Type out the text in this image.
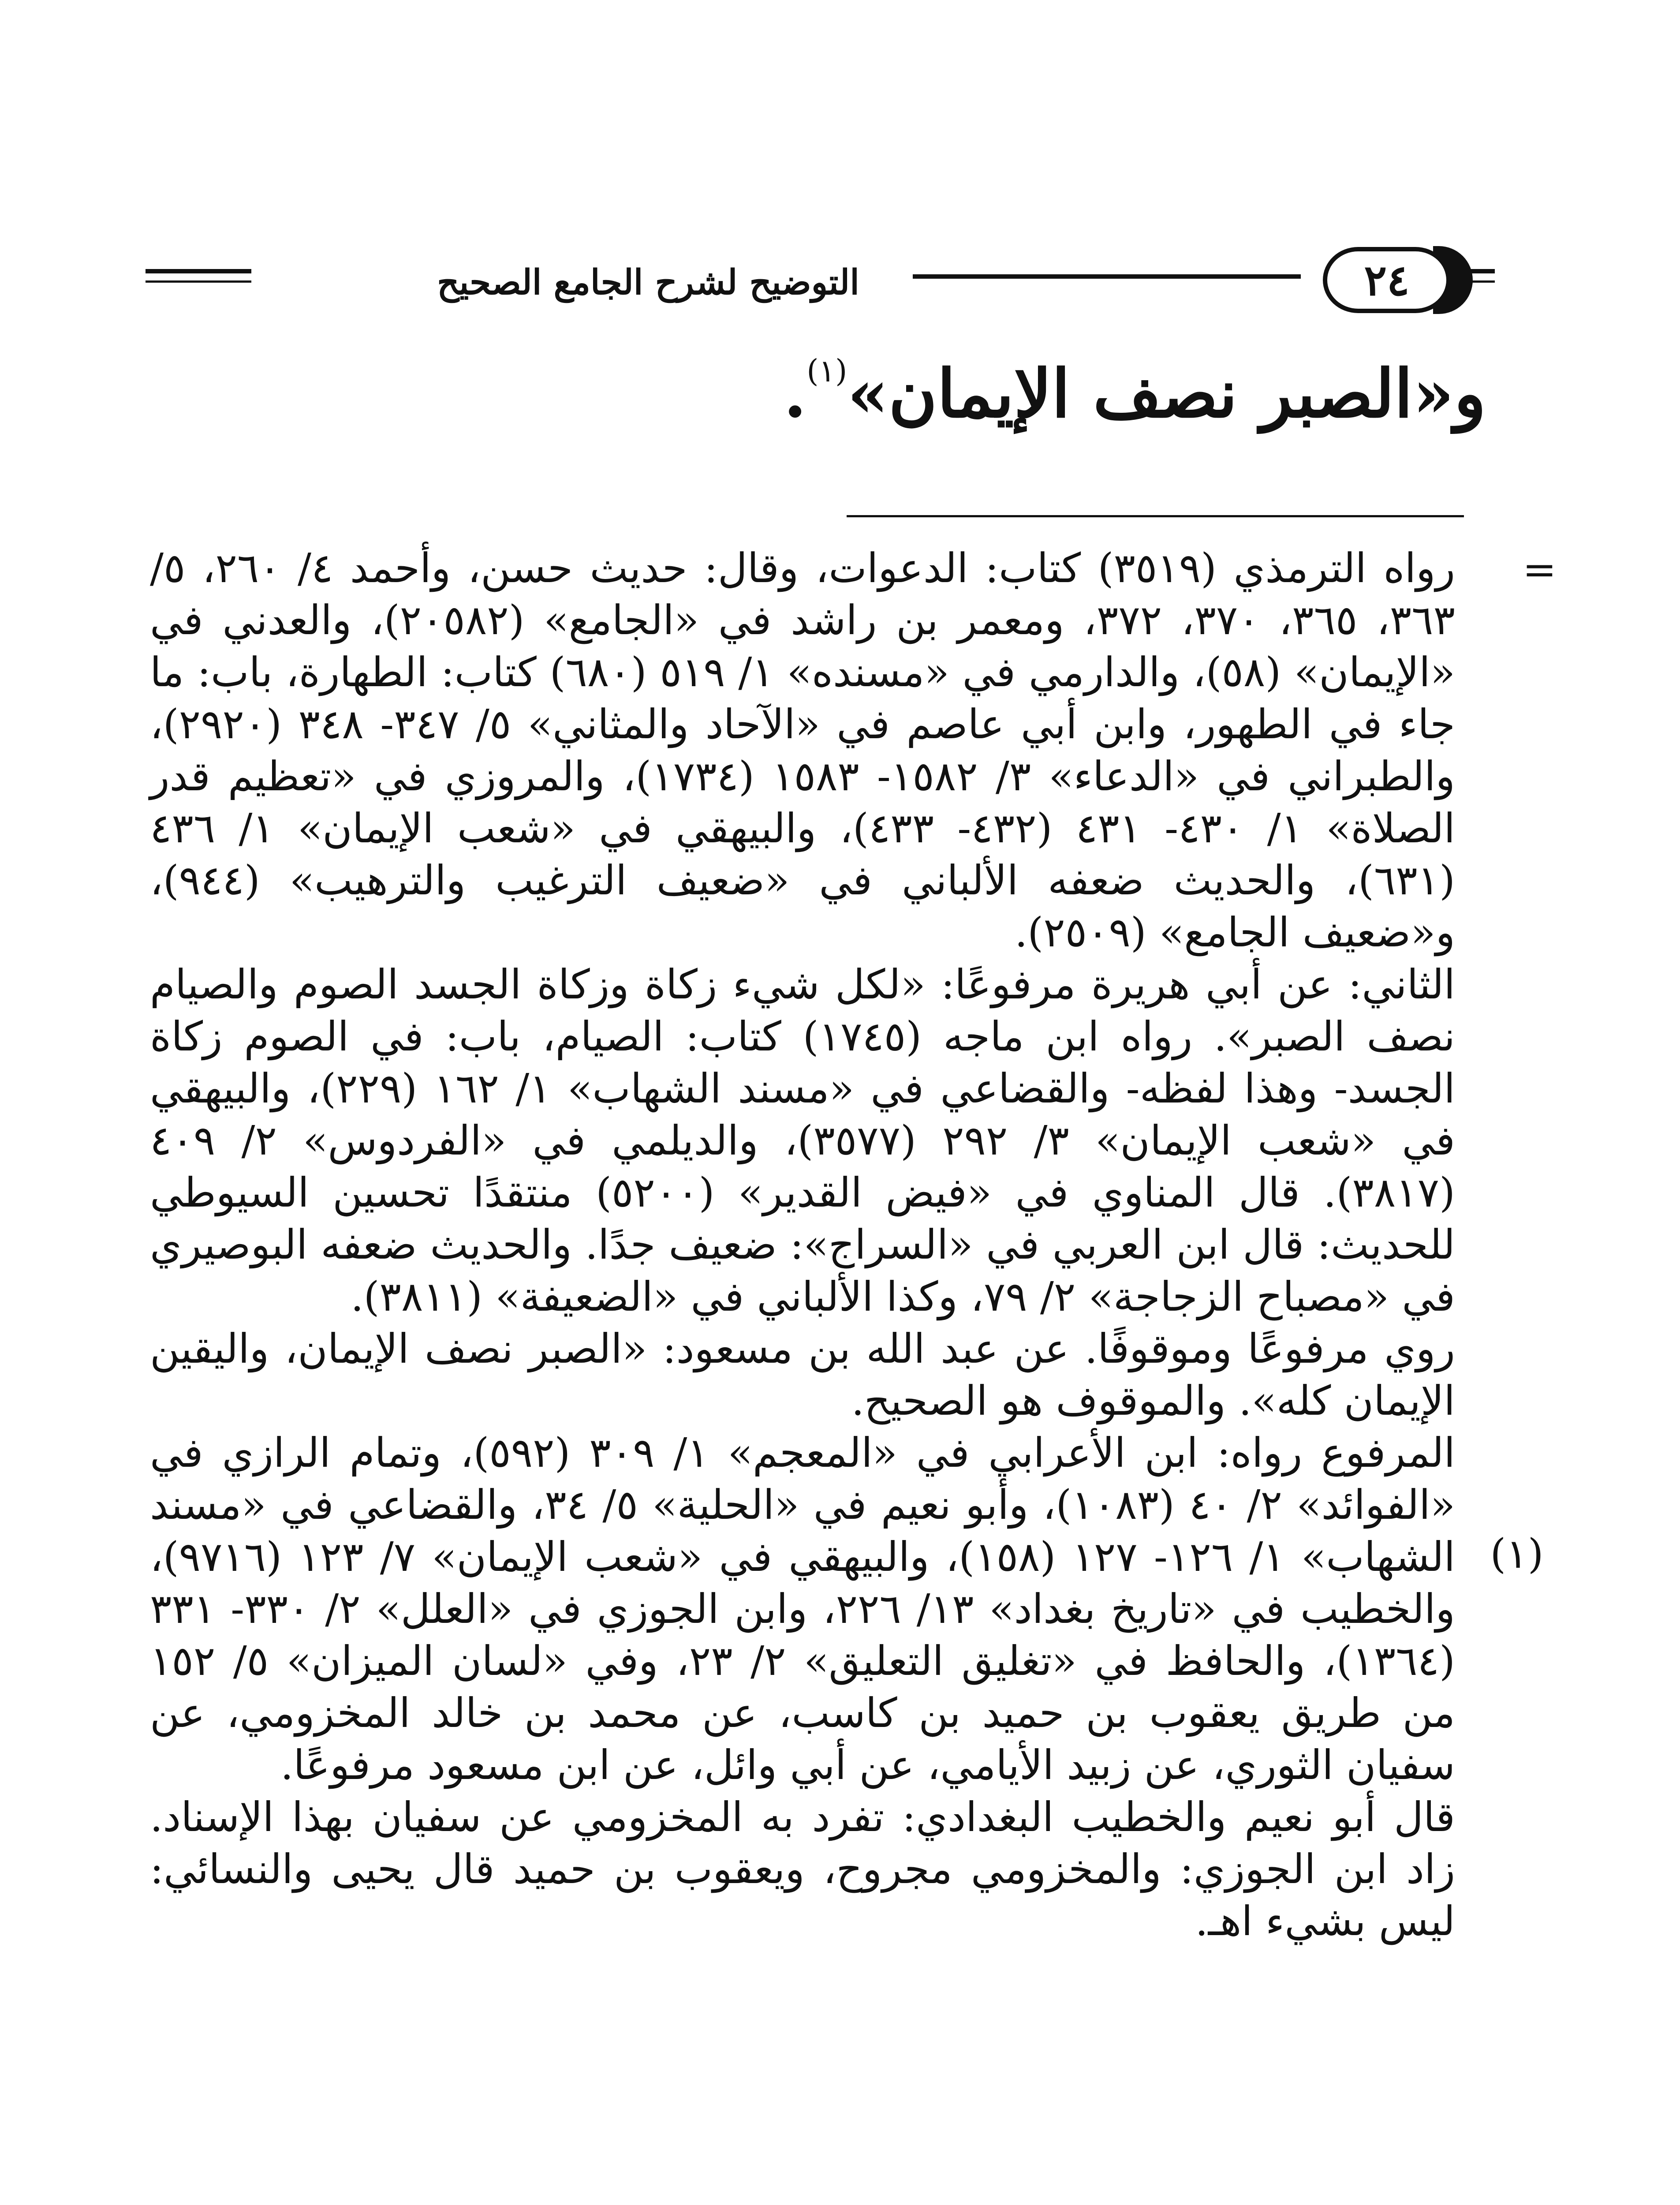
التوضيح لشرح الجامع الصحيح	٢٤
و«الصبر نصف الإيمان»$^{(١)}$.
=
(١)

رواه الترمذي (٣٥١٩) كتاب: الدعوات، وقال: حديث حسن، وأحمد ٤/ ٢٦٠، ٥/ ٣٦٣، ٣٦٥، ٣٧٠، ٣٧٢، ومعمر بن راشد في «الجامع» (٢٠٥٨٢)، والعدني في «الإيمان» (٥٨)، والدارمي في «مسنده» ١/ ٥١٩ (٦٨٠) كتاب: الطهارة، باب: ما جاء في الطهور، وابن أبي عاصم في «الآحاد والمثاني» ٥/ ٣٤٧- ٣٤٨ (٢٩٢٠)، والطبراني في «الدعاء» ٣/ ١٥٨٢- ١٥٨٣ (١٧٣٤)، والمروزي في «تعظيم قدر الصلاة» ١/ ٤٣٠- ٤٣١ (٤٣٢- ٤٣٣)، والبيهقي في «شعب الإيمان» ١/ ٤٣٦ (٦٣١)، والحديث ضعفه الألباني في «ضعيف الترغيب والترهيب» (٩٤٤)، و«ضعيف الجامع» (٢٥٠٩).

الثاني: عن أبي هريرة مرفوعًا: «لكل شيء زكاة وزكاة الجسد الصوم والصيام نصف الصبر». رواه ابن ماجه (١٧٤٥) كتاب: الصيام، باب: في الصوم زكاة الجسد- وهذا لفظه- والقضاعي في «مسند الشهاب» ١/ ١٦٢ (٢٢٩)، والبيهقي في «شعب الإيمان» ٣/ ٢٩٢ (٣٥٧٧)، والديلمي في «الفردوس» ٢/ ٤٠٩ (٣٨١٧). قال المناوي في «فيض القدير» (٥٢٠٠) منتقدًا تحسين السيوطي للحديث: قال ابن العربي في «السراج»: ضعيف جدًا. والحديث ضعفه البوصيري في «مصباح الزجاجة» ٢/ ٧٩، وكذا الألباني في «الضعيفة» (٣٨١١).

روي مرفوعًا وموقوفًا. عن عبد الله بن مسعود: «الصبر نصف الإيمان، واليقين الإيمان كله». والموقوف هو الصحيح.

المرفوع رواه: ابن الأعرابي في «المعجم» ١/ ٣٠٩ (٥٩٢)، وتمام الرازي في «الفوائد» ٢/ ٤٠ (١٠٨٣)، وأبو نعيم في «الحلية» ٥/ ٣٤، والقضاعي في «مسند الشهاب» ١/ ١٢٦- ١٢٧ (١٥٨)، والبيهقي في «شعب الإيمان» ٧/ ١٢٣ (٩٧١٦)، والخطيب في «تاريخ بغداد» ١٣/ ٢٢٦، وابن الجوزي في «العلل» ٢/ ٣٣٠- ٣٣١ (١٣٦٤)، والحافظ في «تغليق التعليق» ٢/ ٢٣، وفي «لسان الميزان» ٥/ ١٥٢ من طريق يعقوب بن حميد بن كاسب، عن محمد بن خالد المخزومي، عن سفيان الثوري، عن زبيد الأيامي، عن أبي وائل، عن ابن مسعود مرفوعًا.

قال أبو نعيم والخطيب البغدادي: تفرد به المخزومي عن سفيان بهذا الإسناد. زاد ابن الجوزي: والمخزومي مجروح، ويعقوب بن حميد قال يحيى والنسائي: ليس بشيء اهـ.
